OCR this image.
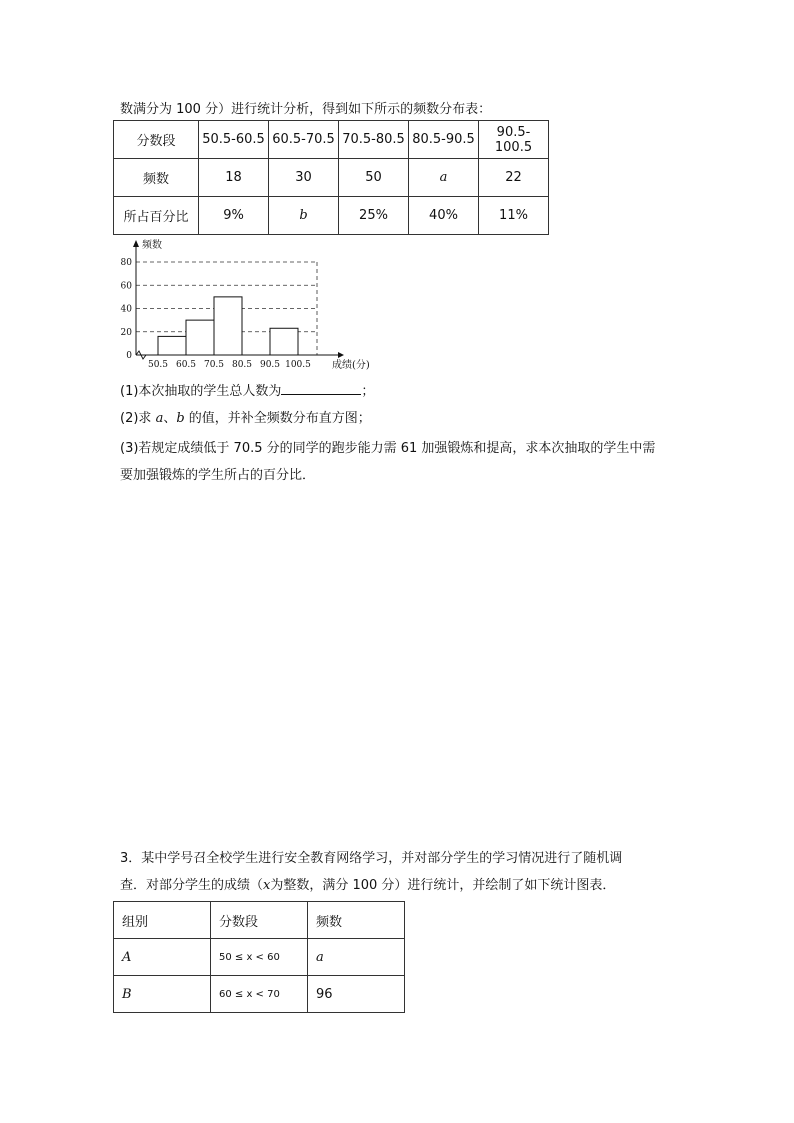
数满分为 100 分）进行统计分析，得到如下所示的频数分布表：
分数段	50.5-60.5	60.5-70.5	70.5-80.5	80.5-90.5	90.5-100.5
频数	18	30	50	a	22
所占百分比	9%	b	25%	40%	11%
0
20
40
60
80
50.5 60.5 70.5 80.5 90.5 100.5
频数
成绩(分)
(1)本次抽取的学生总人数为	；
(2)求 a、b 的值，并补全频数分布直方图；
(3)若规定成绩低于 70.5 分的同学的跑步能力需 61 加强锻炼和提高，求本次抽取的学生中需
要加强锻炼的学生所占的百分比．
3．某中学号召全校学生进行安全教育网络学习，并对部分学生的学习情况进行了随机调
查．对部分学生的成绩（x为整数，满分 100 分）进行统计，并绘制了如下统计图表．
组别	分数段	频数
A	50 ≤ x < 60	a
B	60 ≤ x < 70	96
